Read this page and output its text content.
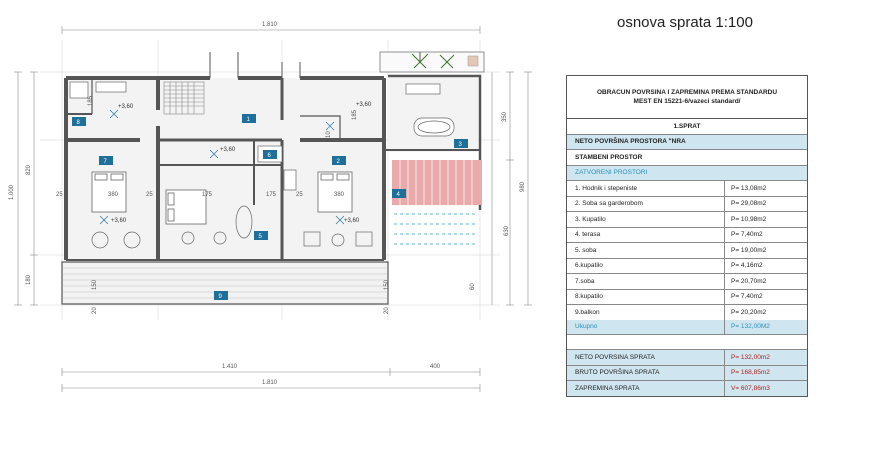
osnova sprata 1:100
1
2
3
4
5
6
7
8
9
+3,60
+3,60
+3,60
+3,60	+3,60
1.810
1.410	400
1.810
1.000
820
180
350
980
630
25	380	25	25	380
175	175
185
185
10
150	150
20	20
60
OBRACUN POVRSINA I ZAPREMINA PREMA STANDARDU
MEST EN 15221-6/vazeci standard/
1.SPRAT
NETO POVRŠINA PROSTORA "NRA
STAMBENI PROSTOR
ZATVORENI PROSTORI
1. Hodnik i stepeniste	P= 13,08m2
2. Soba sa garderobom	P= 29,08m2
3. Kupatilo	P= 10,98m2
4. terasa	P= 7,40m2
5. soba	P= 19,00m2
6.kupatilo	P= 4,16m2
7.soba	P= 20,70m2
8.kupatilo	P= 7,40m2
9.balkon	P= 20,20m2
Ukupno	P= 132,00M2
NETO POVRSINA SPRATA	P= 132,00m2
BRUTO POVRŠINA SPRATA	P= 168,85m2
ZAPREMINA SPRATA	V= 607,86m3
